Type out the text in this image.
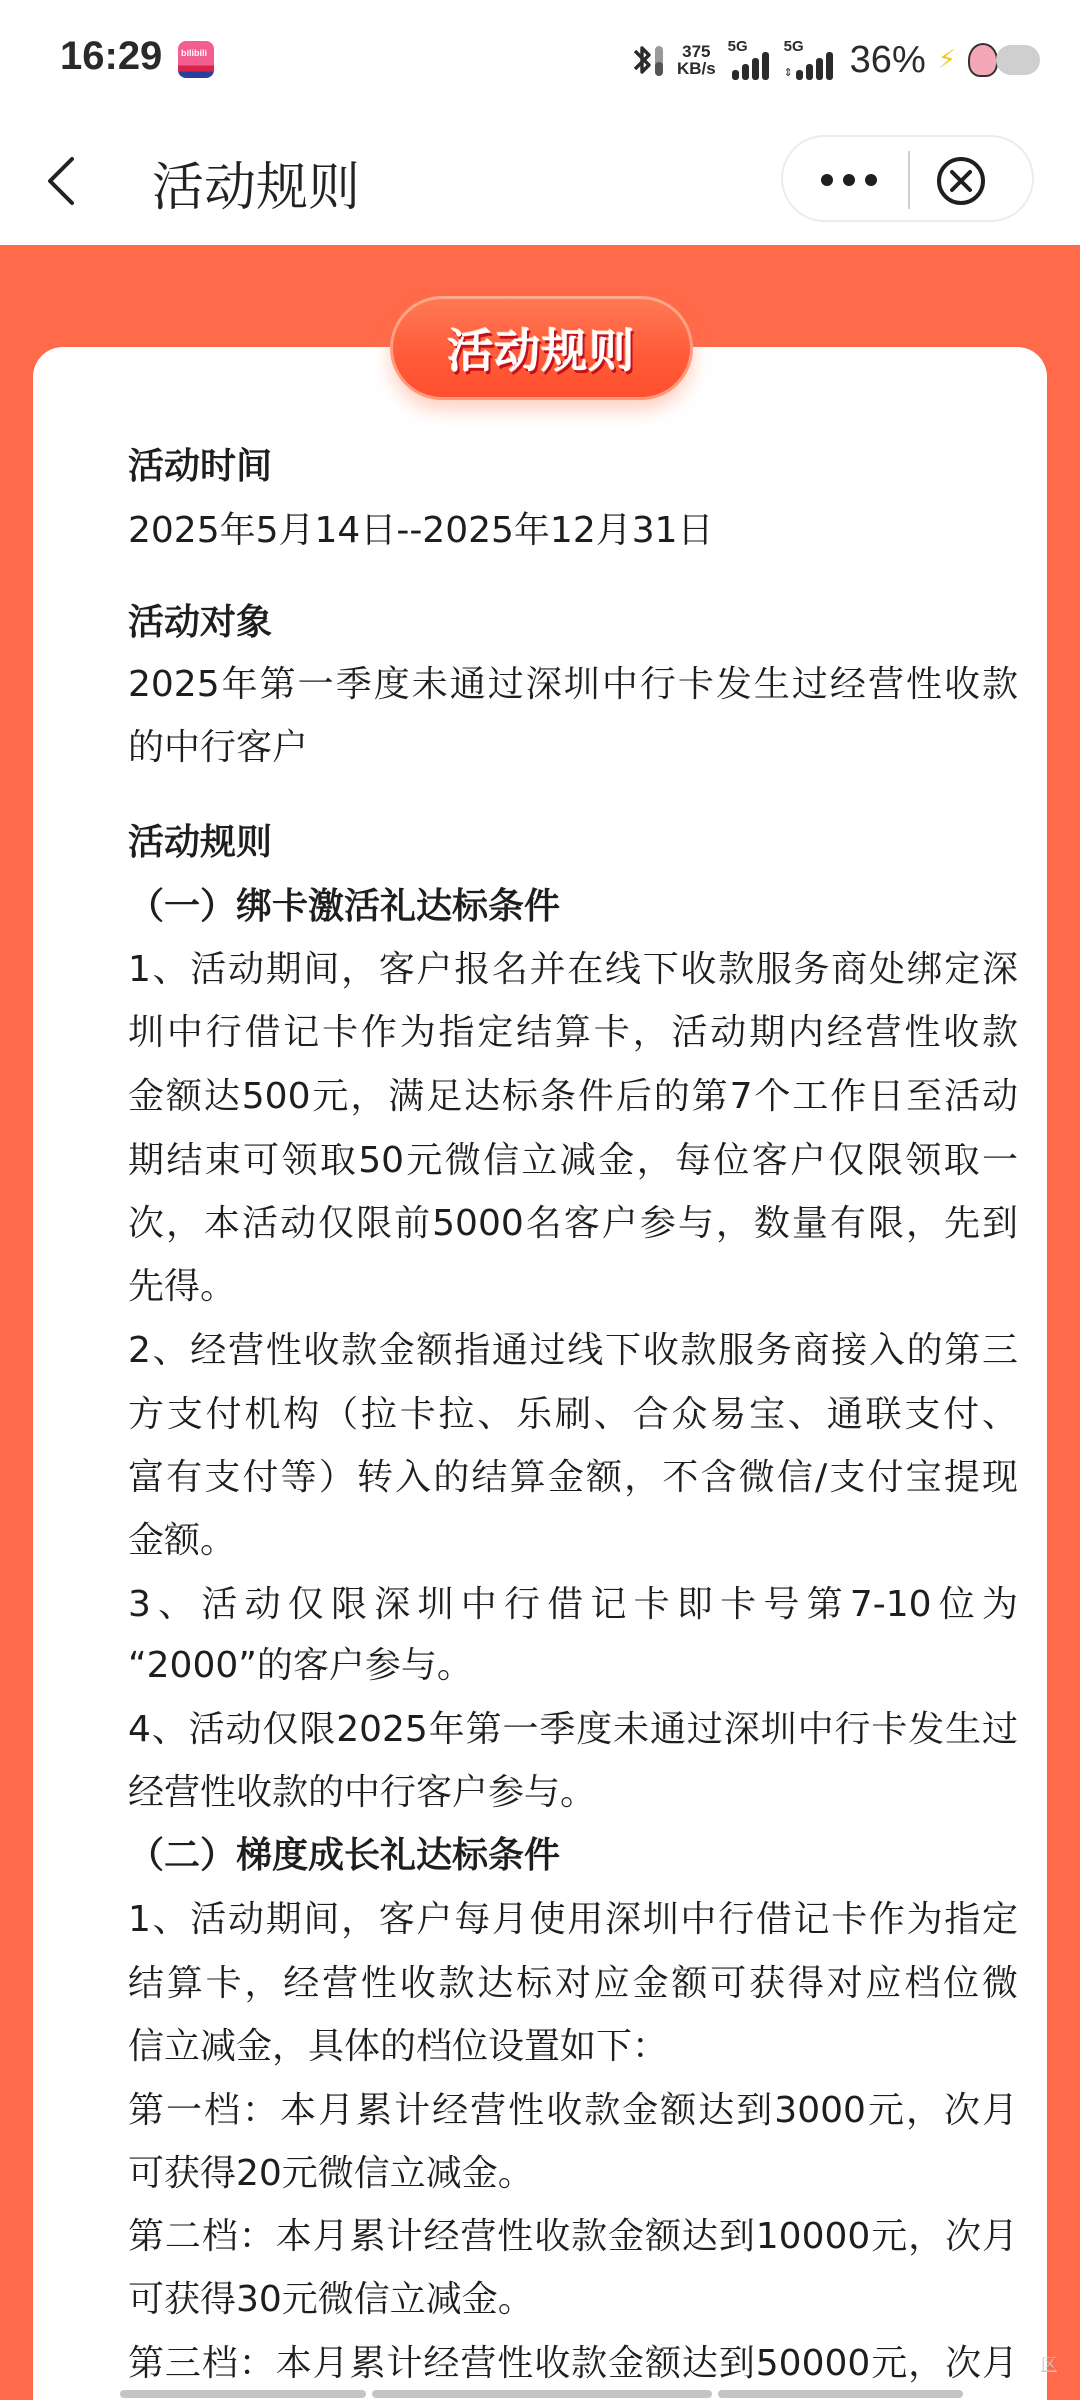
16:29 bilibili	375
KB/s
5G 5G
⇕ 36% ⚡
活动规则
活动时间
2025年5月14日--2025年12月31日
活动对象
2025年第一季度未通过深圳中行卡发生过经营性收款
的中行客户
活动规则
（一）绑卡激活礼达标条件
1、活动期间，客户报名并在线下收款服务商处绑定深
圳中行借记卡作为指定结算卡，活动期内经营性收款
金额达500元，满足达标条件后的第7个工作日至活动
期结束可领取50元微信立减金，每位客户仅限领取一
次，本活动仅限前5000名客户参与，数量有限，先到
先得。
2、经营性收款金额指通过线下收款服务商接入的第三
方支付机构（拉卡拉、乐刷、合众易宝、通联支付、
富有支付等）转入的结算金额，不含微信/支付宝提现
金额。
3、活动仅限深圳中行借记卡即卡号第7-10位为
“2000”的客户参与。
4、活动仅限2025年第一季度未通过深圳中行卡发生过
经营性收款的中行客户参与。
（二）梯度成长礼达标条件
1、活动期间，客户每月使用深圳中行借记卡作为指定
结算卡，经营性收款达标对应金额可获得对应档位微
信立减金，具体的档位设置如下：
第一档：本月累计经营性收款金额达到3000元，次月
可获得20元微信立减金。
第二档：本月累计经营性收款金额达到10000元，次月
可获得30元微信立减金。
第三档：本月累计经营性收款金额达到50000元，次月
活动规则
区
